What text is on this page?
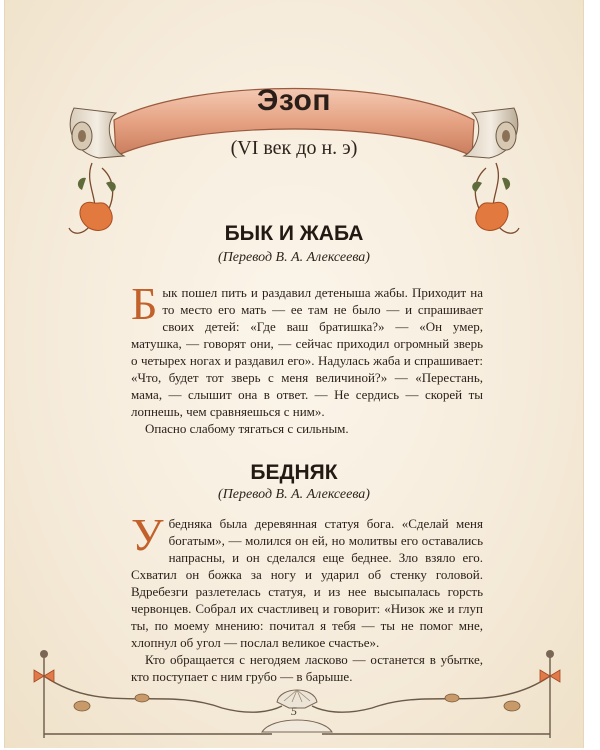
Эзоп
(VI век до н. э)
БЫК И ЖАБА
(Перевод В. А. Алексеева)

Бык пошел пить и раздавил детеныша жабы. Приходит на то место его мать — ее там не было — и спрашивает своих детей: «Где ваш братишка?» — «Он умер, матушка, — говорят они, — сейчас приходил огромный зверь о четырех ногах и раздавил его». Надулась жаба и спрашивает: «Что, будет тот зверь с меня величиной?» — «Перестань, мама, — слышит она в ответ. — Не сердись — скорей ты лопнешь, чем сравняешься с ним».

Опасно слабому тягаться с сильным.

БЕДНЯК
(Перевод В. А. Алексеева)

У бедняка была деревянная статуя бога. «Сделай меня богатым», — молился он ей, но молитвы его оставались напрасны, и он сделался еще беднее. Зло взяло его. Схватил он божка за ногу и ударил об стенку головой. Вдребезги разлетелась статуя, и из нее высыпалась горсть червонцев. Собрал их счастливец и говорит: «Низок же и глуп ты, по моему мнению: почитал я тебя — ты не помог мне, хлопнул об угол — послал великое счастье».

Кто обращается с негодяем ласково — останется в убытке, кто поступает с ним грубо — в барыше.

5
